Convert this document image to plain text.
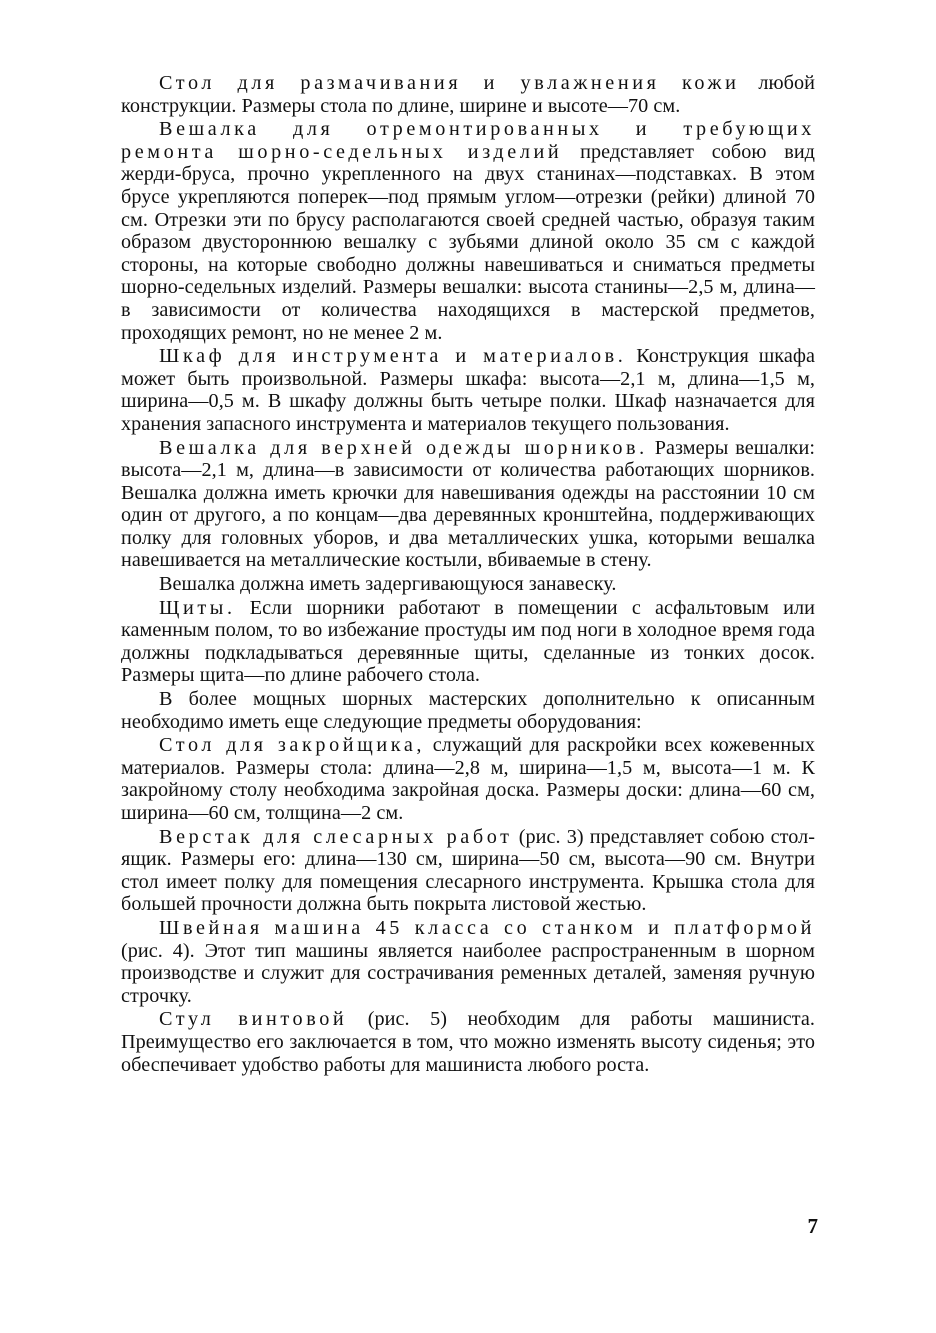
Стол для размачивания и увлажнения кожи любой конструкции. Размеры стола по длине, ширине и высоте—70 см.

Вешалка для отремонтированных и требующих ремонта шорно-седельных изделий представляет собою вид жерди-бруса, прочно укрепленного на двух станинах—подставках. В этом брусе укрепляются поперек—под прямым углом—отрезки (рейки) длиной 70 см. Отрезки эти по брусу располагаются своей средней частью, образуя таким образом двустороннюю вешалку с зубьями длиной около 35 см с каждой стороны, на которые свободно должны навешиваться и сниматься предметы шорно-седельных изделий. Размеры вешалки: высота станины—2,5 м, длина—в зависимости от количества находящихся в мастерской предметов, проходящих ремонт, но не менее 2 м.

Шкаф для инструмента и материалов. Конструкция шкафа может быть произвольной. Размеры шкафа: высота—2,1 м, длина—1,5 м, ширина—0,5 м. В шкафу должны быть четыре полки. Шкаф назначается для хранения запасного инструмента и материалов текущего пользования.

Вешалка для верхней одежды шорников. Размеры вешалки: высота—2,1 м, длина—в зависимости от количества работающих шорников. Вешалка должна иметь крючки для навешивания одежды на расстоянии 10 см один от другого, а по концам—два деревянных кронштейна, поддерживающих полку для головных уборов, и два металлических ушка, которыми вешалка навешивается на металлические костыли, вбиваемые в стену.

Вешалка должна иметь задергивающуюся занавеску.

Щиты. Если шорники работают в помещении с асфальтовым или каменным полом, то во избежание простуды им под ноги в холодное время года должны подкладываться деревянные щиты, сделанные из тонких досок. Размеры щита—по длине рабочего стола.

В более мощных шорных мастерских дополнительно к описанным необходимо иметь еще следующие предметы оборудования:

Стол для закройщика, служащий для раскройки всех кожевенных материалов. Размеры стола: длина—2,8 м, ширина—1,5 м, высота—1 м. К закройному столу необходима закройная доска. Размеры доски: длина—60 см, ширина—60 см, толщина—2 см.

Верстак для слесарных работ (рис. 3) представляет собою стол-ящик. Размеры его: длина—130 см, ширина—50 см, высота—90 см. Внутри стол имеет полку для помещения слесарного инструмента. Крышка стола для большей прочности должна быть покрыта листовой жестью.

Швейная машина 45 класса со станком и платформой (рис. 4). Этот тип машины является наиболее распространенным в шорном производстве и служит для сострачивания ременных деталей, заменяя ручную строчку.

Стул винтовой (рис. 5) необходим для работы машиниста. Преимущество его заключается в том, что можно изменять высоту сиденья; это обеспечивает удобство работы для машиниста любого роста.

7
